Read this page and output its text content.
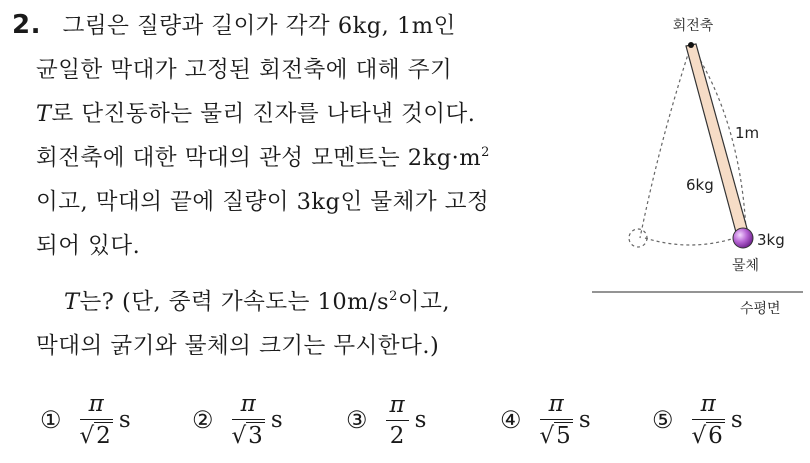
2. 그림은 질량과 길이가 각각 6kg, 1m인
균일한 막대가 고정된 회전축에 대해 주기
T로 단진동하는 물리 진자를 나타낸 것이다.
회전축에 대한 막대의 관성 모멘트는 $2kg\cdot m^2$
이고, 막대의 끝에 질량이 3kg인 물체가 고정
되어 있다.
T는? (단, 중력 가속도는 $10m/s^2$이고,
막대의 굵기와 물체의 크기는 무시한다.)
회전축
1m
6kg
3kg
물체
수평면
① $\frac{\pi}{√ 2}$ s	② $\frac{\pi}{√ 3}$ s	③ $\frac{\pi}{2}$ s	④ $\frac{\pi}{√ 5}$ s	⑤ $\frac{\pi}{√ 6}$ s
